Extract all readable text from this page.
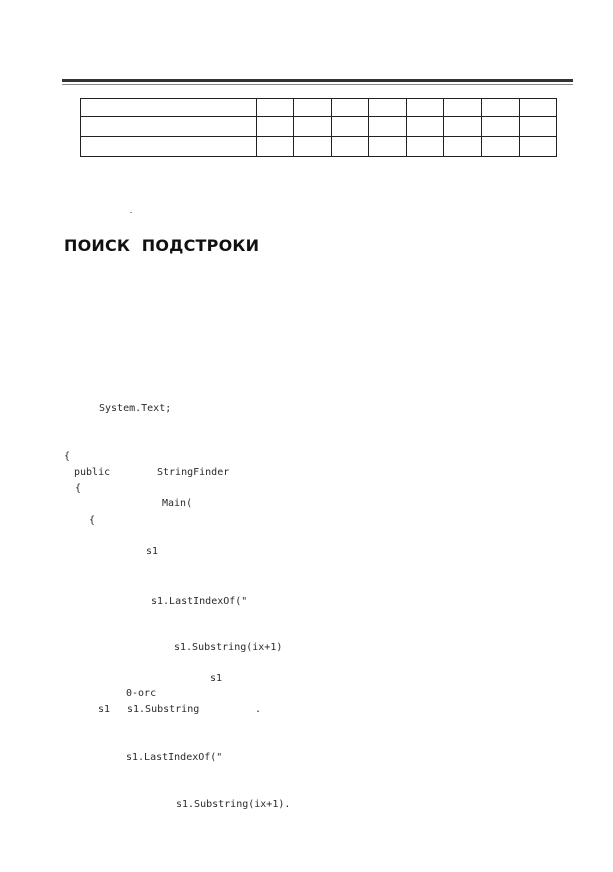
ПОИСК  ПОДСТРОКИ
System.Text;
{
public	StringFinder
{
Main(
{
s1
s1.LastIndexOf("
s1.Substring(ix+1)
s1
0-orc
s1 s1.Substring	.
s1.LastIndexOf("
s1.Substring(ix+1).
